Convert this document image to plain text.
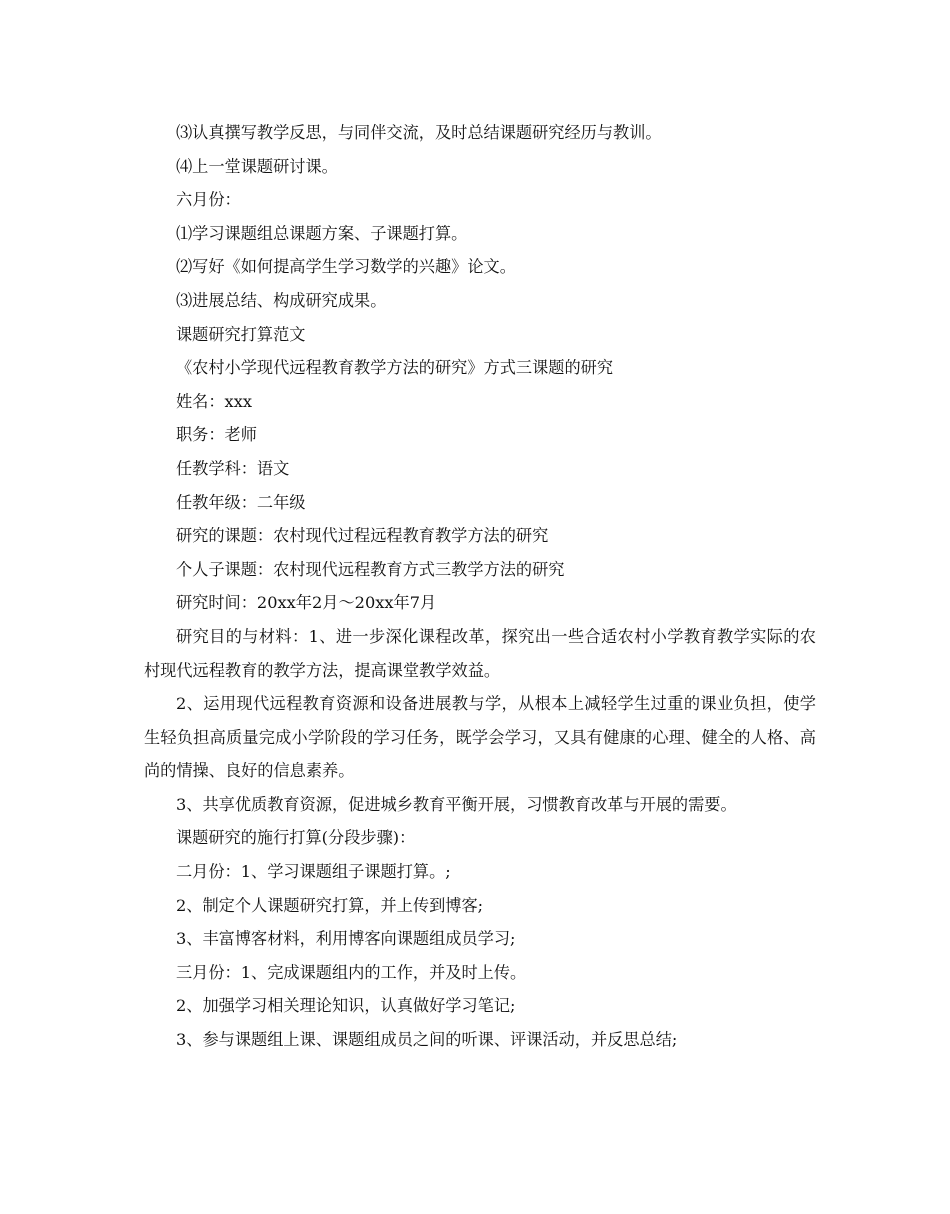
⑶认真撰写教学反思，与同伴交流，及时总结课题研究经历与教训。

⑷上一堂课题研讨课。

六月份：

⑴学习课题组总课题方案、子课题打算。

⑵写好《如何提高学生学习数学的兴趣》论文。

⑶进展总结、构成研究成果。

课题研究打算范文

《农村小学现代远程教育教学方法的研究》方式三课题的研究

姓名：xxx

职务：老师

任教学科：语文

任教年级：二年级

研究的课题：农村现代过程远程教育教学方法的研究

个人子课题：农村现代远程教育方式三教学方法的研究

研究时间：20xx年2月～20xx年7月

研究目的与材料：1、进一步深化课程改革，探究出一些合适农村小学教育教学实际的农村现代远程教育的教学方法，提高课堂教学效益。

2、运用现代远程教育资源和设备进展教与学，从根本上减轻学生过重的课业负担，使学生轻负担高质量完成小学阶段的学习任务，既学会学习，又具有健康的心理、健全的人格、高尚的情操、良好的信息素养。

3、共享优质教育资源，促进城乡教育平衡开展，习惯教育改革与开展的需要。

课题研究的施行打算(分段步骤)：

二月份：1、学习课题组子课题打算。;

2、制定个人课题研究打算，并上传到博客;

3、丰富博客材料，利用博客向课题组成员学习;

三月份：1、完成课题组内的工作，并及时上传。

2、加强学习相关理论知识，认真做好学习笔记;

3、参与课题组上课、课题组成员之间的听课、评课活动，并反思总结;
